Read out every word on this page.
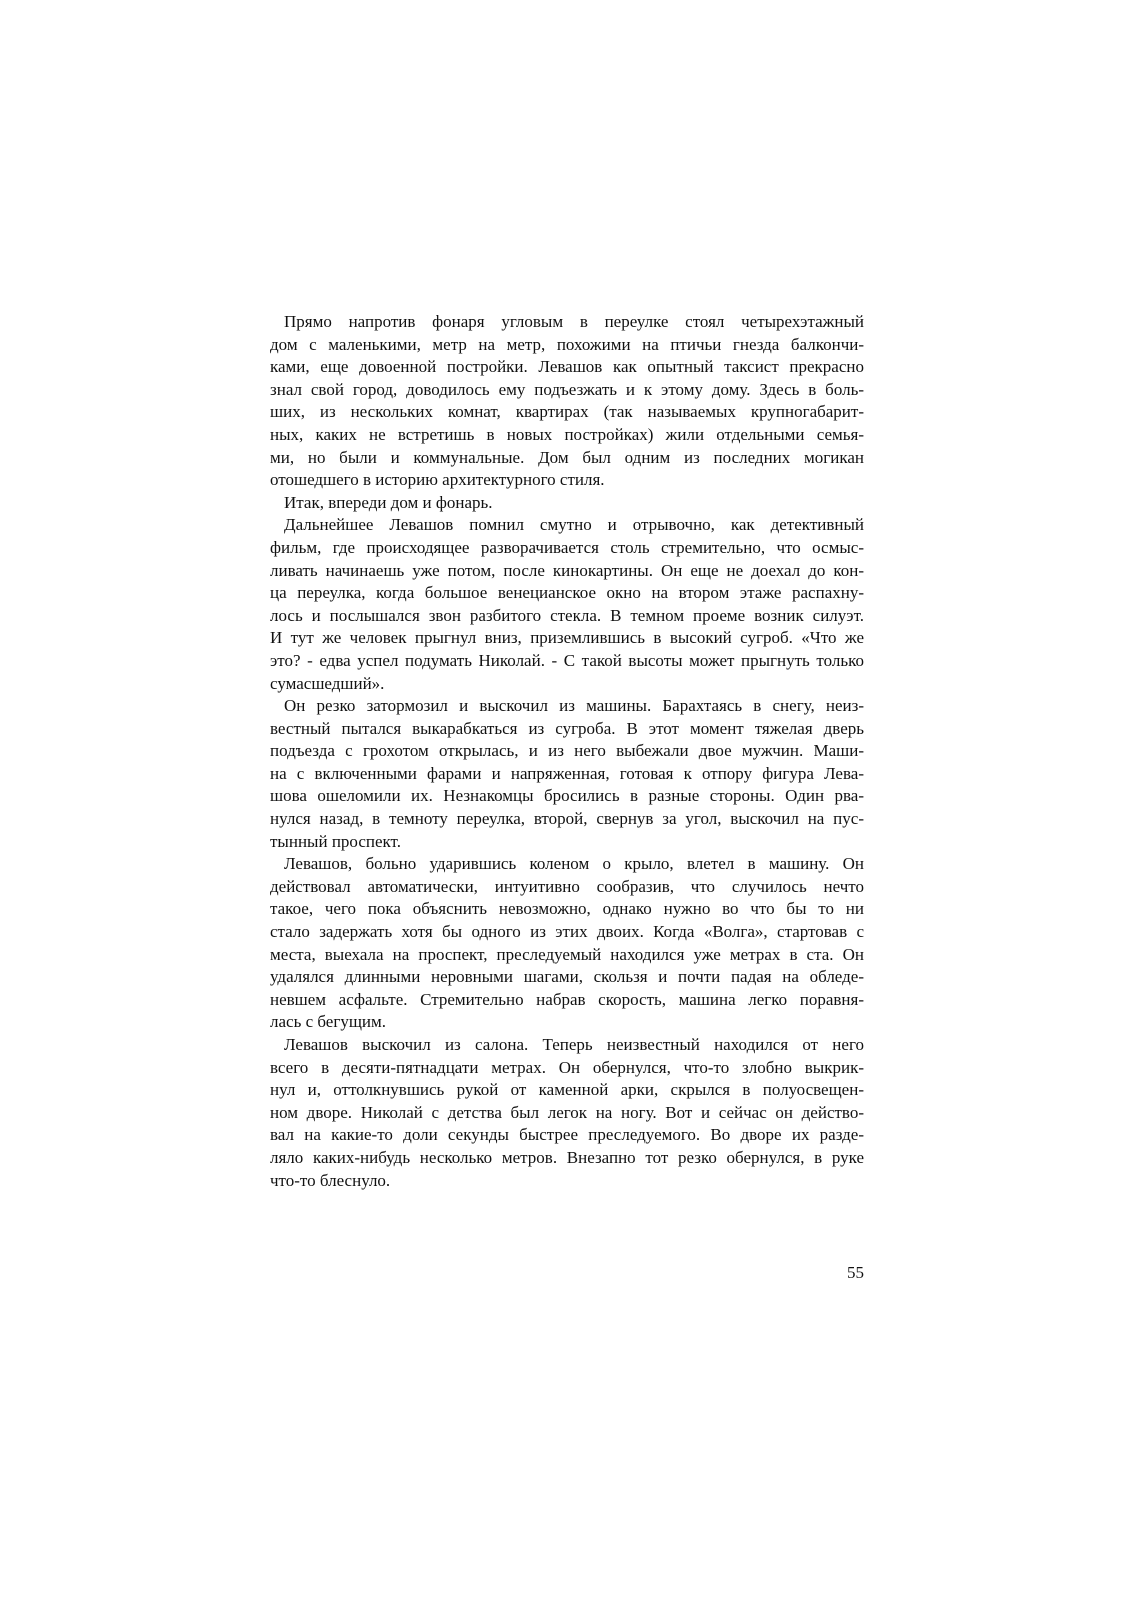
Прямо напротив фонаря угловым в переулке стоял четырехэтажный
дом с маленькими, метр на метр, похожими на птичьи гнезда балкончи-
ками, еще довоенной постройки. Левашов как опытный таксист прекрасно
знал свой город, доводилось ему подъезжать и к этому дому. Здесь в боль-
ших, из нескольких комнат, квартирах (так называемых крупногабарит-
ных, каких не встретишь в новых постройках) жили отдельными семья-
ми, но были и коммунальные. Дом был одним из последних могикан
отошедшего в историю архитектурного стиля.
Итак, впереди дом и фонарь.
Дальнейшее Левашов помнил смутно и отрывочно, как детективный
фильм, где происходящее разворачивается столь стремительно, что осмыс-
ливать начинаешь уже потом, после кинокартины. Он еще не доехал до кон-
ца переулка, когда большое венецианское окно на втором этаже распахну-
лось и послышался звон разбитого стекла. В темном проеме возник силуэт.
И тут же человек прыгнул вниз, приземлившись в высокий сугроб. «Что же
это? - едва успел подумать Николай. - С такой высоты может прыгнуть только
сумасшедший».
Он резко затормозил и выскочил из машины. Барахтаясь в снегу, неиз-
вестный пытался выкарабкаться из сугроба. В этот момент тяжелая дверь
подъезда с грохотом открылась, и из него выбежали двое мужчин. Маши-
на с включенными фарами и напряженная, готовая к отпору фигура Лева-
шова ошеломили их. Незнакомцы бросились в разные стороны. Один рва-
нулся назад, в темноту переулка, второй, свернув за угол, выскочил на пус-
тынный проспект.
Левашов, больно ударившись коленом о крыло, влетел в машину. Он
действовал автоматически, интуитивно сообразив, что случилось нечто
такое, чего пока объяснить невозможно, однако нужно во что бы то ни
стало задержать хотя бы одного из этих двоих. Когда «Волга», стартовав с
места, выехала на проспект, преследуемый находился уже метрах в ста. Он
удалялся длинными неровными шагами, скользя и почти падая на обледе-
невшем асфальте. Стремительно набрав скорость, машина легко поравня-
лась с бегущим.
Левашов выскочил из салона. Теперь неизвестный находился от него
всего в десяти-пятнадцати метрах. Он обернулся, что-то злобно выкрик-
нул и, оттолкнувшись рукой от каменной арки, скрылся в полуосвещен-
ном дворе. Николай с детства был легок на ногу. Вот и сейчас он действо-
вал на какие-то доли секунды быстрее преследуемого. Во дворе их разде-
ляло каких-нибудь несколько метров. Внезапно тот резко обернулся, в руке
что-то блеснуло.
55
